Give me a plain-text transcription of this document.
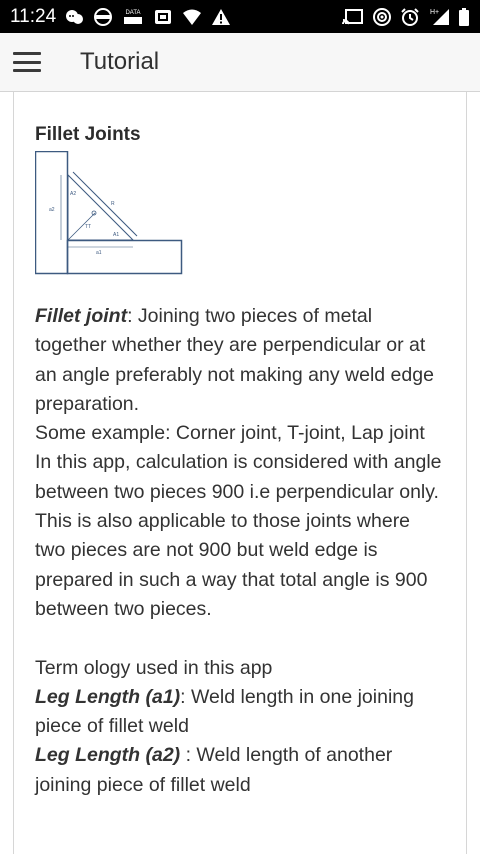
11:24	DATA	H+
Tutorial
Fillet Joints
A2
a2
R
TT
A1
a1

Fillet joint: Joining two pieces of metal together whether they are perpendicular or at an angle preferably not making any weld edge preparation.

Some example: Corner joint, T-joint, Lap joint

In this app, calculation is considered with angle between two pieces 900 i.e perpendicular only.

This is also applicable to those joints where two pieces are not 900 but weld edge is prepared in such a way that total angle is 900 between two pieces.

Term ology used in this app

Leg Length (a1): Weld length in one joining piece of fillet weld

Leg Length (a2) : Weld length of another joining piece of fillet weld
